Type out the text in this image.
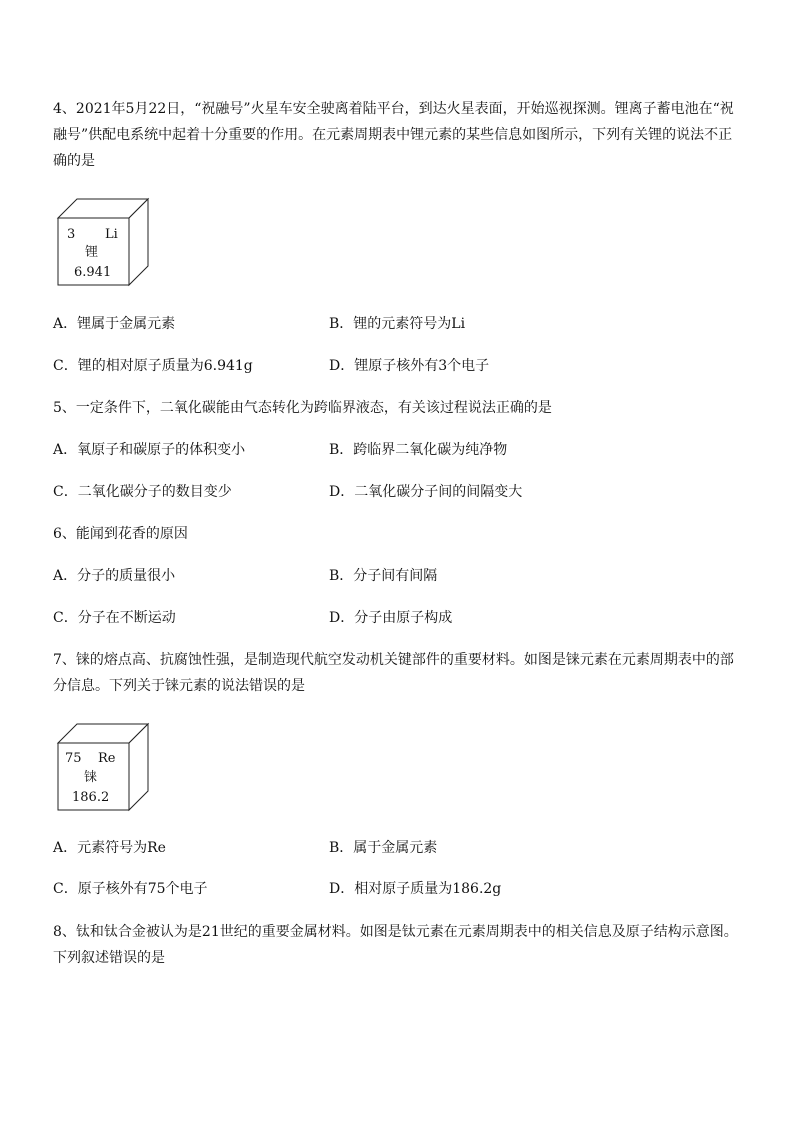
4、2021年5月22日，“祝融号”火星车安全驶离着陆平台，到达火星表面，开始巡视探测。锂离子蓄电池在“祝融号”供配电系统中起着十分重要的作用。在元素周期表中锂元素的某些信息如图所示，下列有关锂的说法不正确的是
3 Li
锂
6.941
A．锂属于金属元素	B．锂的元素符号为Li
C．锂的相对原子质量为6.941g	D．锂原子核外有3个电子
5、一定条件下，二氧化碳能由气态转化为跨临界液态，有关该过程说法正确的是
A．氧原子和碳原子的体积变小	B．跨临界二氧化碳为纯净物
C．二氧化碳分子的数目变少	D．二氧化碳分子间的间隔变大
6、能闻到花香的原因
A．分子的质量很小	B．分子间有间隔
C．分子在不断运动	D．分子由原子构成
7、铼的熔点高、抗腐蚀性强，是制造现代航空发动机关键部件的重要材料。如图是铼元素在元素周期表中的部分信息。下列关于铼元素的说法错误的是
75 Re
铼
186.2
A．元素符号为Re	B．属于金属元素
C．原子核外有75个电子	D．相对原子质量为186.2g
8、钛和钛合金被认为是21世纪的重要金属材料。如图是钛元素在元素周期表中的相关信息及原子结构示意图。下列叙述错误的是
